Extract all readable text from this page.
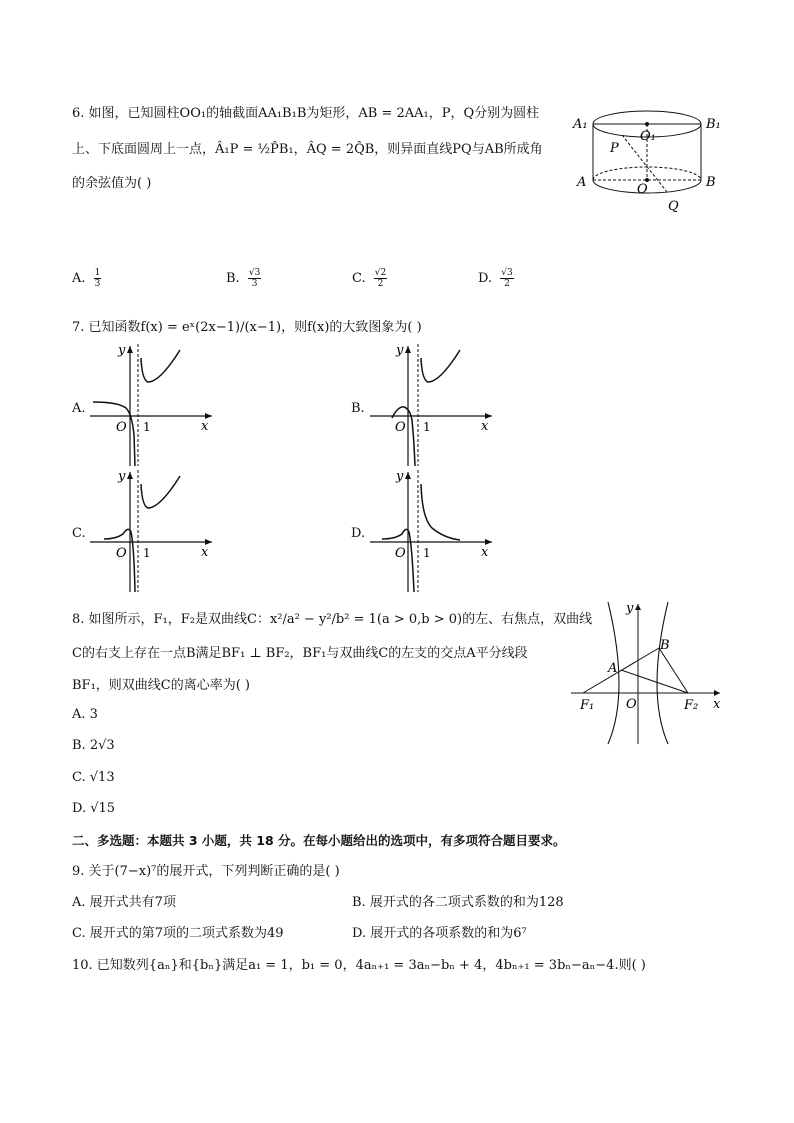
6. 如图，已知圆柱OO₁的轴截面AA₁B₁B为矩形，AB = 2AA₁，P，Q分别为圆柱
上、下底面圆周上一点，Â₁P = ½P̂B₁，ÂQ = 2Q̂B，则异面直线PQ与AB所成角
的余弦值为( )
A₁	B₁
O₁
P
A	O	B
Q
A. $\frac{1}{3}$	B. $\frac{√3}{3}$	C. $\frac{√2}{2}$	D. $\frac{√3}{2}$
7. 已知函数f(x) = eˣ(2x−1)/(x−1)，则f(x)的大致图象为( )
A.
y
x
O 1
B.
y
x
O 1
C.
y
x
O 1
D.
y
x
O 1
8. 如图所示，F₁，F₂是双曲线C：x²/a² − y²/b² = 1(a > 0,b > 0)的左、右焦点，双曲线
C的右支上存在一点B满足BF₁ ⊥ BF₂，BF₁与双曲线C的左支的交点A平分线段
BF₁，则双曲线C的离心率为( )
y
x
O
A
B
F₁	F₂
A. 3
B. 2√3
C. √13
D. √15
二、多选题：本题共 3 小题，共 18 分。在每小题给出的选项中，有多项符合题目要求。
9. 关于(7−x)⁷的展开式，下列判断正确的是( )
A. 展开式共有7项	B. 展开式的各二项式系数的和为128
C. 展开式的第7项的二项式系数为49	D. 展开式的各项系数的和为6⁷
10. 已知数列{aₙ}和{bₙ}满足a₁ = 1，b₁ = 0，4aₙ₊₁ = 3aₙ−bₙ + 4，4bₙ₊₁ = 3bₙ−aₙ−4.则( )
